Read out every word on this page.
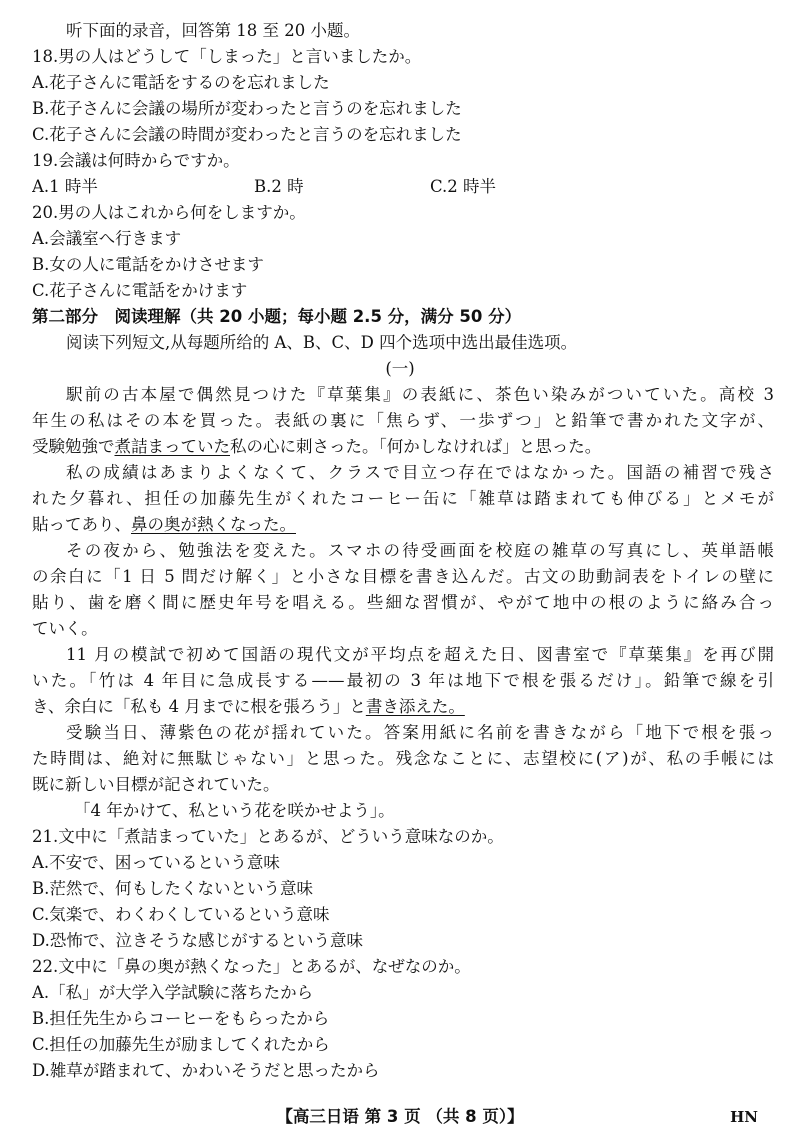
听下面的录音，回答第 18 至 20 小题。
18.男の人はどうして「しまった」と言いましたか。
A.花子さんに電話をするのを忘れました
B.花子さんに会議の場所が変わったと言うのを忘れました
C.花子さんに会議の時間が変わったと言うのを忘れました
19.会議は何時からですか。
A.1 時半	B.2 時	C.2 時半
20.男の人はこれから何をしますか。
A.会議室へ行きます
B.女の人に電話をかけさせます
C.花子さんに電話をかけます
第二部分　阅读理解（共 20 小题；每小题 2.5 分，满分 50 分）
阅读下列短文,从每题所给的 A、B、C、D 四个选项中选出最佳选项。
(一)
駅前の古本屋で偶然見つけた『草葉集』の表紙に、茶色い染みがついていた。高校 3
年生の私はその本を買った。表紙の裏に「焦らず、一歩ずつ」と鉛筆で書かれた文字が、
受験勉強で煮詰まっていた私の心に刺さった。「何かしなければ」と思った。
私の成績はあまりよくなくて、クラスで目立つ存在ではなかった。国語の補習で残さ
れた夕暮れ、担任の加藤先生がくれたコーヒー缶に「雑草は踏まれても伸びる」とメモが
貼ってあり、鼻の奥が熱くなった。
その夜から、勉強法を変えた。スマホの待受画面を校庭の雑草の写真にし、英単語帳
の余白に「1 日 5 問だけ解く」と小さな目標を書き込んだ。古文の助動詞表をトイレの壁に
貼り、歯を磨く間に歴史年号を唱える。些細な習慣が、やがて地中の根のように絡み合っ
ていく。
11 月の模試で初めて国語の現代文が平均点を超えた日、図書室で『草葉集』を再び開
いた。「竹は 4 年目に急成長する——最初の 3 年は地下で根を張るだけ」。鉛筆で線を引
き、余白に「私も 4 月までに根を張ろう」と書き添えた。
受験当日、薄紫色の花が揺れていた。答案用紙に名前を書きながら「地下で根を張っ
た時間は、絶対に無駄じゃない」と思った。残念なことに、志望校に(ア)が、私の手帳には
既に新しい目標が記されていた。
「4 年かけて、私という花を咲かせよう」。
21.文中に「煮詰まっていた」とあるが、どういう意味なのか。
A.不安で、困っているという意味
B.茫然で、何もしたくないという意味
C.気楽で、わくわくしているという意味
D.恐怖で、泣きそうな感じがするという意味
22.文中に「鼻の奥が熱くなった」とあるが、なぜなのか。
A.「私」が大学入学試験に落ちたから
B.担任先生からコーヒーをもらったから
C.担任の加藤先生が励ましてくれたから
D.雑草が踏まれて、かわいそうだと思ったから
【高三日语 第 3 页 （共 8 页）】	HN
